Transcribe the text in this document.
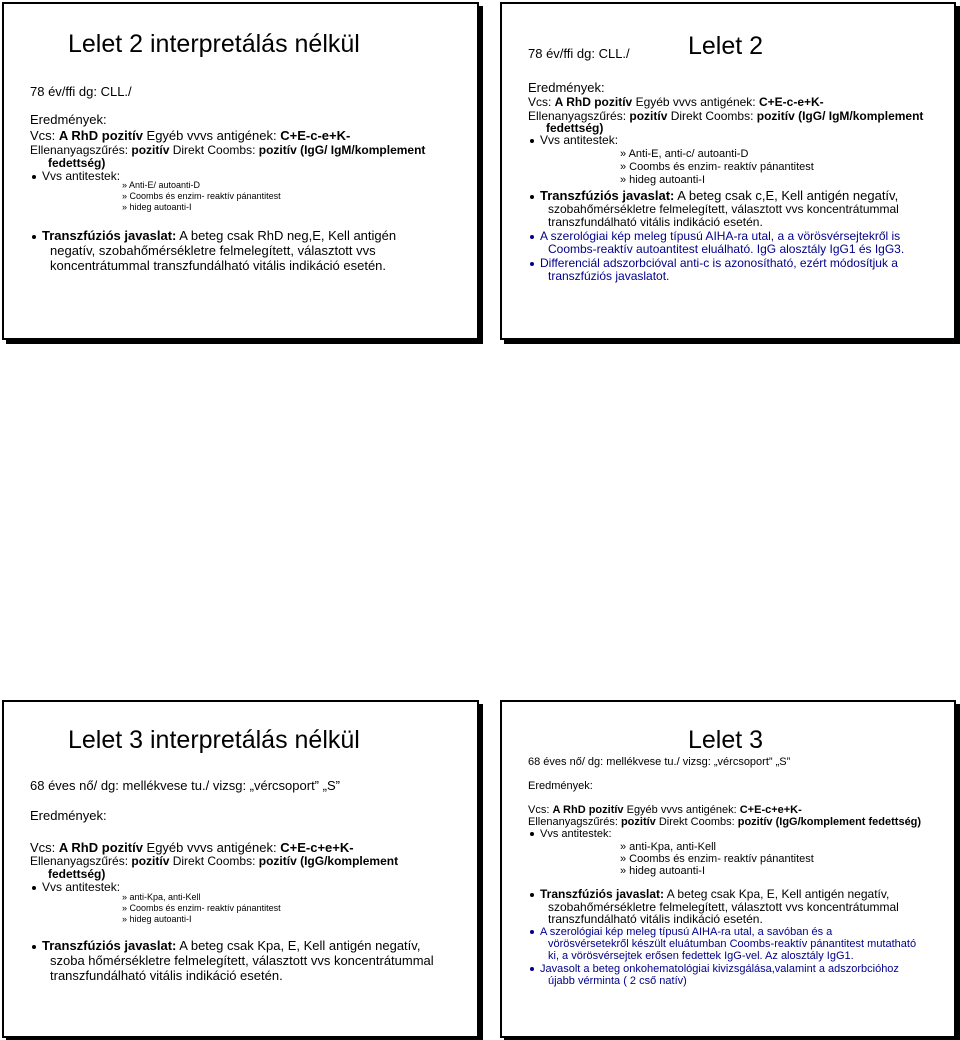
Lelet 2 interpretálás nélkül
78 év/ffi dg: CLL./
Eredmények:
Vcs: A RhD pozitív Egyéb vvvs antigének: C+E-c-e+K-
Ellenanyagszűrés: pozitív Direkt Coombs: pozitív (IgG/ IgM/komplement
fedettség)
Vvs antitestek:
» Anti-E/ autoanti-D
» Coombs és enzim- reaktív pánantitest
» hideg autoanti-I
Transzfúziós javaslat: A beteg csak RhD neg,E, Kell antigén
negatív, szobahőmérsékletre felmelegített, választott vvs
koncentrátummal transzfundálható vitális indikáció esetén.
78 év/ffi dg: CLL./ Lelet 2
Eredmények:
Vcs: A RhD pozitív Egyéb vvvs antigének: C+E-c-e+K-
Ellenanyagszűrés: pozitív Direkt Coombs: pozitív (IgG/ IgM/komplement
fedettség)
Vvs antitestek:
» Anti-E, anti-c/ autoanti-D
» Coombs és enzim- reaktív pánantitest
» hideg autoanti-I
Transzfúziós javaslat: A beteg csak c,E, Kell antigén negatív,
szobahőmérsékletre felmelegített, választott vvs koncentrátummal
transzfundálható vitális indikáció esetén.
A szerológiai kép meleg típusú AIHA-ra utal, a a vörösvérsejtekről is
Coombs-reaktív autoantitest eluálható. IgG alosztály IgG1 és IgG3.
Differenciál adszorbcióval anti-c is azonosítható, ezért módosítjuk a
transzfúziós javaslatot.
Lelet 3 interpretálás nélkül
68 éves nő/ dg: mellékvese tu./ vizsg: „vércsoport” „S”
Eredmények:
Vcs: A RhD pozitív Egyéb vvvs antigének: C+E-c+e+K-
Ellenanyagszűrés: pozitív Direkt Coombs: pozitív (IgG/komplement
fedettség)
Vvs antitestek:
» anti-Kpa, anti-Kell
» Coombs és enzim- reaktív pánantitest
» hideg autoanti-I
Transzfúziós javaslat: A beteg csak Kpa, E, Kell antigén negatív,
szoba hőmérsékletre felmelegített, választott vvs koncentrátummal
transzfundálható vitális indikáció esetén.
Lelet 3
68 éves nő/ dg: mellékvese tu./ vizsg: „vércsoport” „S”
Eredmények:
Vcs: A RhD pozitív Egyéb vvvs antigének: C+E-c+e+K-
Ellenanyagszűrés: pozitív Direkt Coombs: pozitív (IgG/komplement fedettség)
Vvs antitestek:
» anti-Kpa, anti-Kell
» Coombs és enzim- reaktív pánantitest
» hideg autoanti-I
Transzfúziós javaslat: A beteg csak Kpa, E, Kell antigén negatív,
szobahőmérsékletre felmelegített, választott vvs koncentrátummal
transzfundálható vitális indikáció esetén.
A szerológiai kép meleg típusú AIHA-ra utal, a savóban és a
vörösvérsetekről készült eluátumban Coombs-reaktív pánantitest mutatható
ki, a vörösvérsejtek erősen fedettek IgG-vel. Az alosztály IgG1.
Javasolt a beteg onkohematológiai kivizsgálása,valamint a adszorbcióhoz
újabb vérminta ( 2 cső natív)
